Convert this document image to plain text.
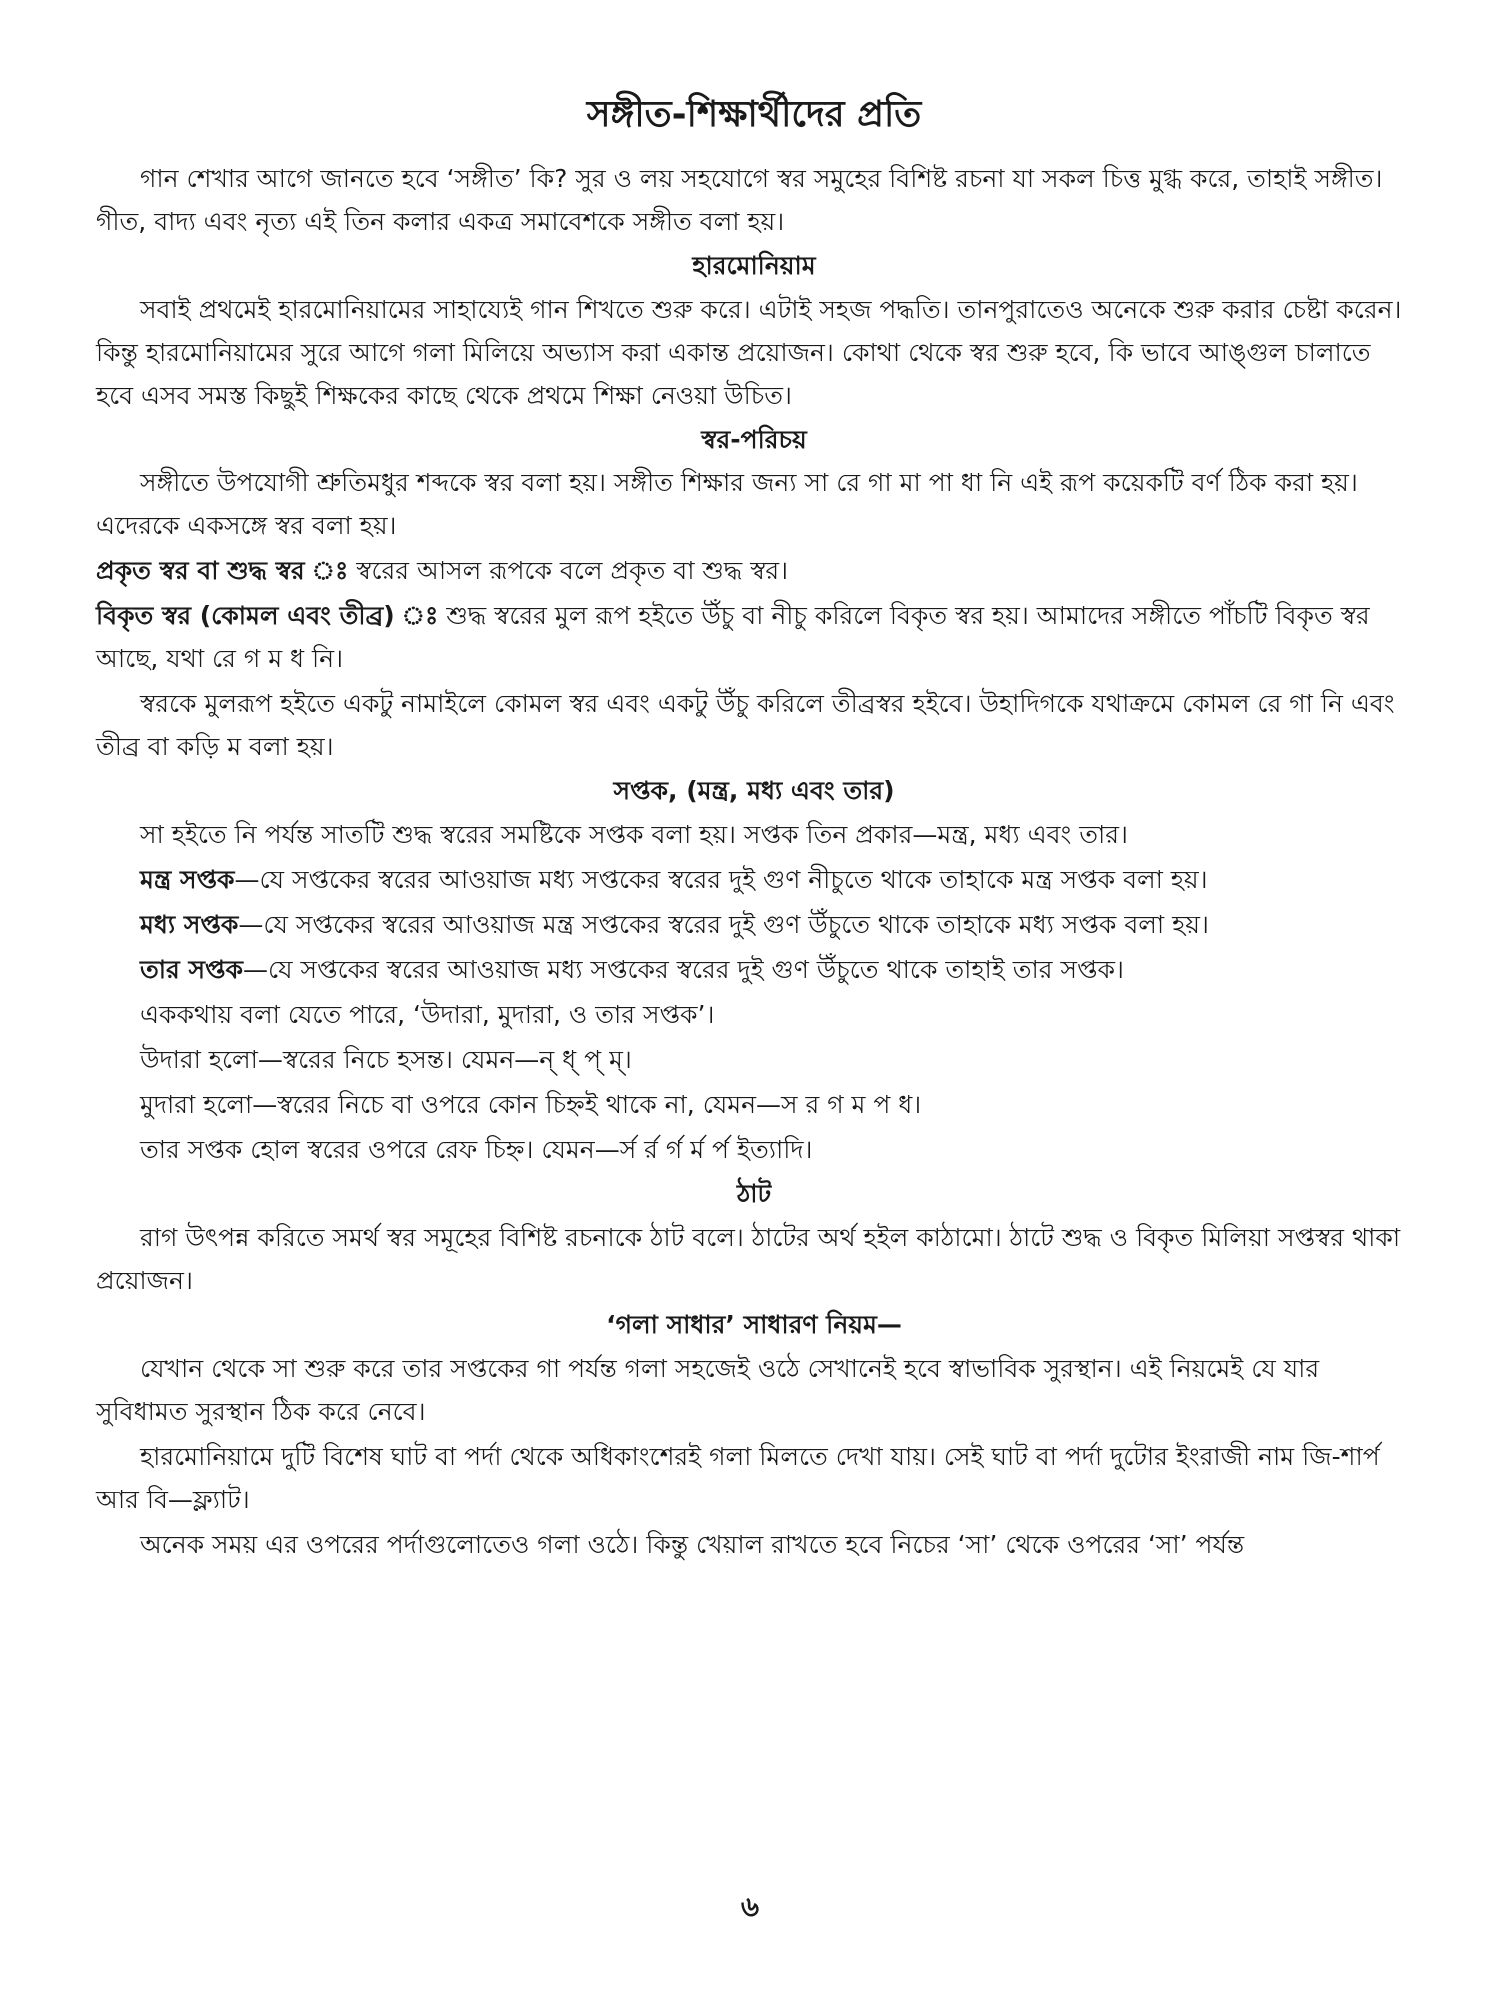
সঙ্গীত-শিক্ষার্থীদের প্রতি

গান শেখার আগে জানতে হবে ‘সঙ্গীত’ কি? সুর ও লয় সহযোগে স্বর সমুহের বিশিষ্ট রচনা যা সকল চিত্ত মুগ্ধ করে, তাহাই সঙ্গীত। গীত, বাদ্য এবং নৃত্য এই তিন কলার একত্র সমাবেশকে সঙ্গীত বলা হয়।

হারমোনিয়াম

সবাই প্রথমেই হারমোনিয়ামের সাহায্যেই গান শিখতে শুরু করে। এটাই সহজ পদ্ধতি। তানপুরাতেও অনেকে শুরু করার চেষ্টা করেন। কিন্তু হারমোনিয়ামের সুরে আগে গলা মিলিয়ে অভ্যাস করা একান্ত প্রয়োজন। কোথা থেকে স্বর শুরু হবে, কি ভাবে আঙ্গুল চালাতে হবে এসব সমস্ত কিছুই শিক্ষকের কাছে থেকে প্রথমে শিক্ষা নেওয়া উচিত।

স্বর-পরিচয়

সঙ্গীতে উপযোগী শ্রুতিমধুর শব্দকে স্বর বলা হয়। সঙ্গীত শিক্ষার জন্য সা রে গা মা পা ধা নি এই রূপ কয়েকটি বর্ণ ঠিক করা হয়। এদেরকে একসঙ্গে স্বর বলা হয়।

প্রকৃত স্বর বা শুদ্ধ স্বর ঃ স্বরের আসল রূপকে বলে প্রকৃত বা শুদ্ধ স্বর।

বিকৃত স্বর (কোমল এবং তীব্র) ঃ শুদ্ধ স্বরের মুল রূপ হইতে উঁচু বা নীচু করিলে বিকৃত স্বর হয়। আমাদের সঙ্গীতে পাঁচটি বিকৃত স্বর আছে, যথা রে গ ম ধ নি।

স্বরকে মুলরূপ হইতে একটু নামাইলে কোমল স্বর এবং একটু উঁচু করিলে তীব্রস্বর হইবে। উহাদিগকে যথাক্রমে কোমল রে গা নি এবং তীব্র বা কড়ি ম বলা হয়।

সপ্তক, (মন্ত্র, মধ্য এবং তার)

সা হইতে নি পর্যন্ত সাতটি শুদ্ধ স্বরের সমষ্টিকে সপ্তক বলা হয়। সপ্তক তিন প্রকার—মন্ত্র, মধ্য এবং তার।

মন্ত্র সপ্তক—যে সপ্তকের স্বরের আওয়াজ মধ্য সপ্তকের স্বরের দুই গুণ নীচুতে থাকে তাহাকে মন্ত্র সপ্তক বলা হয়।

মধ্য সপ্তক—যে সপ্তকের স্বরের আওয়াজ মন্ত্র সপ্তকের স্বরের দুই গুণ উঁচুতে থাকে তাহাকে মধ্য সপ্তক বলা হয়।

তার সপ্তক—যে সপ্তকের স্বরের আওয়াজ মধ্য সপ্তকের স্বরের দুই গুণ উঁচুতে থাকে তাহাই তার সপ্তক।

এককথায় বলা যেতে পারে, ‘উদারা, মুদারা, ও তার সপ্তক’।

উদারা হলো—স্বরের নিচে হসন্ত। যেমন—ন্ ধ্ প্ ম্।

মুদারা হলো—স্বরের নিচে বা ওপরে কোন চিহ্নই থাকে না, যেমন—স র গ ম প ধ।

তার সপ্তক হোল স্বরের ওপরে রেফ চিহ্ন। যেমন—র্স র্র র্গ র্ম র্প ইত্যাদি।

ঠাট

রাগ উৎপন্ন করিতে সমর্থ স্বর সমূহের বিশিষ্ট রচনাকে ঠাট বলে। ঠাটের অর্থ হইল কাঠামো। ঠাটে শুদ্ধ ও বিকৃত মিলিয়া সপ্তস্বর থাকা প্রয়োজন।

‘গলা সাধার’ সাধারণ নিয়ম—

যেখান থেকে সা শুরু করে তার সপ্তকের গা পর্যন্ত গলা সহজেই ওঠে সেখানেই হবে স্বাভাবিক সুরস্থান। এই নিয়মেই যে যার সুবিধামত সুরস্থান ঠিক করে নেবে।

হারমোনিয়ামে দুটি বিশেষ ঘাট বা পর্দা থেকে অধিকাংশেরই গলা মিলতে দেখা যায়। সেই ঘাট বা পর্দা দুটোর ইংরাজী নাম জি-শার্প আর বি—ফ্ল্যাট।

অনেক সময় এর ওপরের পর্দাগুলোতেও গলা ওঠে। কিন্তু খেয়াল রাখতে হবে নিচের ‘সা’ থেকে ওপরের ‘সা’ পর্যন্ত

৬
